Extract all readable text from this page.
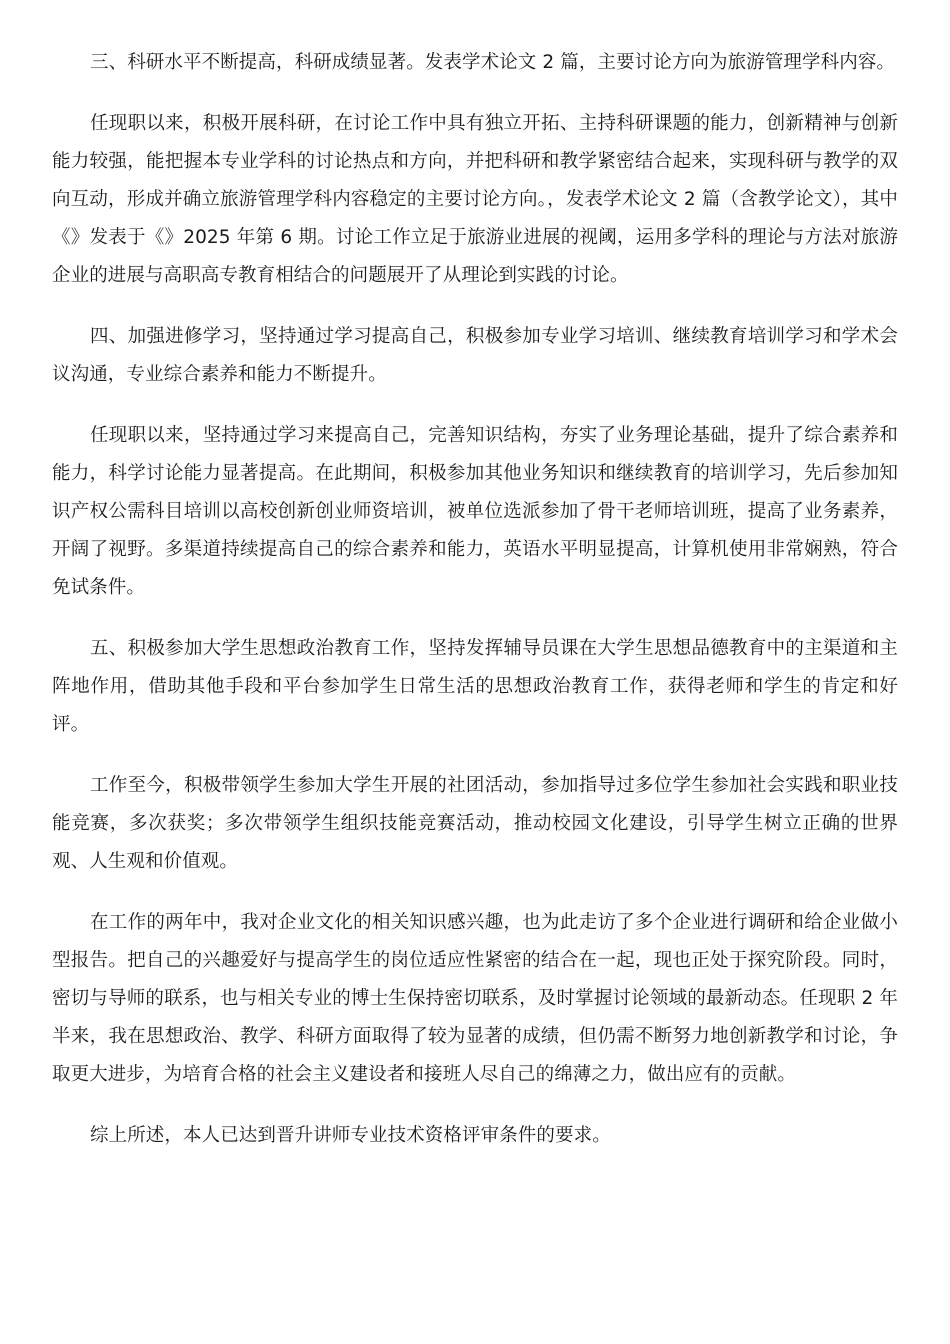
三、科研水平不断提高，科研成绩显著。发表学术论文 2 篇，主要讨论方向为旅游管理学科内容。

任现职以来，积极开展科研，在讨论工作中具有独立开拓、主持科研课题的能力，创新精神与创新能力较强，能把握本专业学科的讨论热点和方向，并把科研和教学紧密结合起来，实现科研与教学的双向互动，形成并确立旅游管理学科内容稳定的主要讨论方向。，发表学术论文 2 篇（含教学论文），其中《》发表于《》2025 年第 6 期。讨论工作立足于旅游业进展的视阈，运用多学科的理论与方法对旅游企业的进展与高职高专教育相结合的问题展开了从理论到实践的讨论。

四、加强进修学习，坚持通过学习提高自己，积极参加专业学习培训、继续教育培训学习和学术会议沟通，专业综合素养和能力不断提升。

任现职以来，坚持通过学习来提高自己，完善知识结构，夯实了业务理论基础，提升了综合素养和能力，科学讨论能力显著提高。在此期间，积极参加其他业务知识和继续教育的培训学习，先后参加知识产权公需科目培训以高校创新创业师资培训，被单位选派参加了骨干老师培训班，提高了业务素养，开阔了视野。多渠道持续提高自己的综合素养和能力，英语水平明显提高，计算机使用非常娴熟，符合免试条件。

五、积极参加大学生思想政治教育工作，坚持发挥辅导员课在大学生思想品德教育中的主渠道和主阵地作用，借助其他手段和平台参加学生日常生活的思想政治教育工作，获得老师和学生的肯定和好评。

工作至今，积极带领学生参加大学生开展的社团活动，参加指导过多位学生参加社会实践和职业技能竞赛，多次获奖；多次带领学生组织技能竞赛活动，推动校园文化建设，引导学生树立正确的世界观、人生观和价值观。

在工作的两年中，我对企业文化的相关知识感兴趣，也为此走访了多个企业进行调研和给企业做小型报告。把自己的兴趣爱好与提高学生的岗位适应性紧密的结合在一起，现也正处于探究阶段。同时，密切与导师的联系，也与相关专业的博士生保持密切联系，及时掌握讨论领域的最新动态。任现职 2 年半来，我在思想政治、教学、科研方面取得了较为显著的成绩，但仍需不断努力地创新教学和讨论，争取更大进步，为培育合格的社会主义建设者和接班人尽自己的绵薄之力，做出应有的贡献。

综上所述，本人已达到晋升讲师专业技术资格评审条件的要求。
